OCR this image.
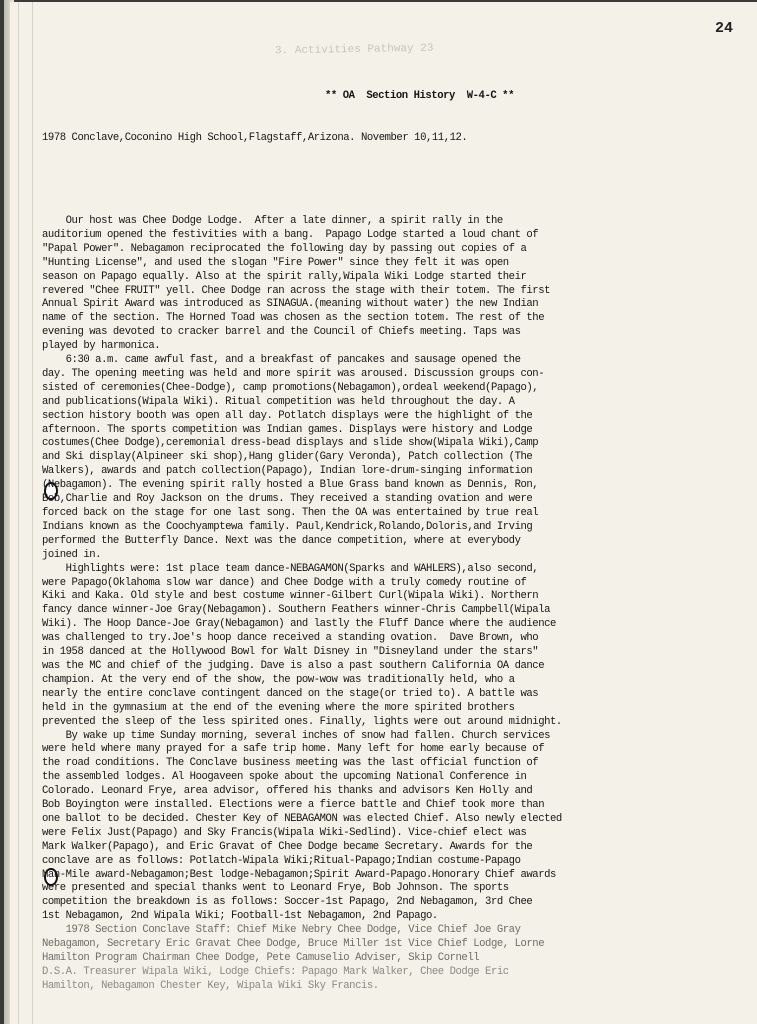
24
3. Activities Pathway 23

** OA  Section History  W-4-C **

1978 Conclave,Coconino High School,Flagstaff,Arizona. November 10,11,12.

Our host was Chee Dodge Lodge.  After a late dinner, a spirit rally in the
auditorium opened the festivities with a bang.  Papago Lodge started a loud chant of
"Papal Power". Nebagamon reciprocated the following day by passing out copies of a
"Hunting License", and used the slogan "Fire Power" since they felt it was open
season on Papago equally. Also at the spirit rally,Wipala Wiki Lodge started their
revered "Chee FRUIT" yell. Chee Dodge ran across the stage with their totem. The first
Annual Spirit Award was introduced as SINAGUA.(meaning without water) the new Indian
name of the section. The Horned Toad was chosen as the section totem. The rest of the
evening was devoted to cracker barrel and the Council of Chiefs meeting. Taps was
played by harmonica.
6:30 a.m. came awful fast, and a breakfast of pancakes and sausage opened the
day. The opening meeting was held and more spirit was aroused. Discussion groups con-
sisted of ceremonies(Chee-Dodge), camp promotions(Nebagamon),ordeal weekend(Papago),
and publications(Wipala Wiki). Ritual competition was held throughout the day. A
section history booth was open all day. Potlatch displays were the highlight of the
afternoon. The sports competition was Indian games. Displays were history and Lodge
costumes(Chee Dodge),ceremonial dress-bead displays and slide show(Wipala Wiki),Camp
and Ski display(Alpineer ski shop),Hang glider(Gary Veronda), Patch collection (The
Walkers), awards and patch collection(Papago), Indian lore-drum-singing information
(Nebagamon). The evening spirit rally hosted a Blue Grass band known as Dennis, Ron,
Bob,Charlie and Roy Jackson on the drums. They received a standing ovation and were
forced back on the stage for one last song. Then the OA was entertained by true real
Indians known as the Coochyamptewa family. Paul,Kendrick,Rolando,Doloris,and Irving
performed the Butterfly Dance. Next was the dance competition, where at everybody
joined in.
Highlights were: 1st place team dance-NEBAGAMON(Sparks and WAHLERS),also second,
were Papago(Oklahoma slow war dance) and Chee Dodge with a truly comedy routine of
Kiki and Kaka. Old style and best costume winner-Gilbert Curl(Wipala Wiki). Northern
fancy dance winner-Joe Gray(Nebagamon). Southern Feathers winner-Chris Campbell(Wipala
Wiki). The Hoop Dance-Joe Gray(Nebagamon) and lastly the Fluff Dance where the audience
was challenged to try.Joe's hoop dance received a standing ovation.  Dave Brown, who
in 1958 danced at the Hollywood Bowl for Walt Disney in "Disneyland under the stars"
was the MC and chief of the judging. Dave is also a past southern California OA dance
champion. At the very end of the show, the pow-wow was traditionally held, who a
nearly the entire conclave contingent danced on the stage(or tried to). A battle was
held in the gymnasium at the end of the evening where the more spirited brothers
prevented the sleep of the less spirited ones. Finally, lights were out around midnight.
By wake up time Sunday morning, several inches of snow had fallen. Church services
were held where many prayed for a safe trip home. Many left for home early because of
the road conditions. The Conclave business meeting was the last official function of
the assembled lodges. Al Hoogaveen spoke about the upcoming National Conference in
Colorado. Leonard Frye, area advisor, offered his thanks and advisors Ken Holly and
Bob Boyington were installed. Elections were a fierce battle and Chief took more than
one ballot to be decided. Chester Key of NEBAGAMON was elected Chief. Also newly elected
were Felix Just(Papago) and Sky Francis(Wipala Wiki-Sedlind). Vice-chief elect was
Mark Walker(Papago), and Eric Gravat of Chee Dodge became Secretary. Awards for the
conclave are as follows: Potlatch-Wipala Wiki;Ritual-Papago;Indian costume-Papago
Man-Mile award-Nebagamon;Best lodge-Nebagamon;Spirit Award-Papago.Honorary Chief awards
were presented and special thanks went to Leonard Frye, Bob Johnson. The sports
competition the breakdown is as follows: Soccer-1st Papago, 2nd Nebagamon, 3rd Chee
1st Nebagamon, 2nd Wipala Wiki; Football-1st Nebagamon, 2nd Papago.
1978 Section Conclave Staff: Chief Mike Nebry Chee Dodge, Vice Chief Joe Gray
Nebagamon, Secretary Eric Gravat Chee Dodge, Bruce Miller 1st Vice Chief Lodge, Lorne
Hamilton Program Chairman Chee Dodge, Pete Camuselio Adviser, Skip Cornell
D.S.A. Treasurer Wipala Wiki, Lodge Chiefs: Papago Mark Walker, Chee Dodge Eric
Hamilton, Nebagamon Chester Key, Wipala Wiki Sky Francis.
